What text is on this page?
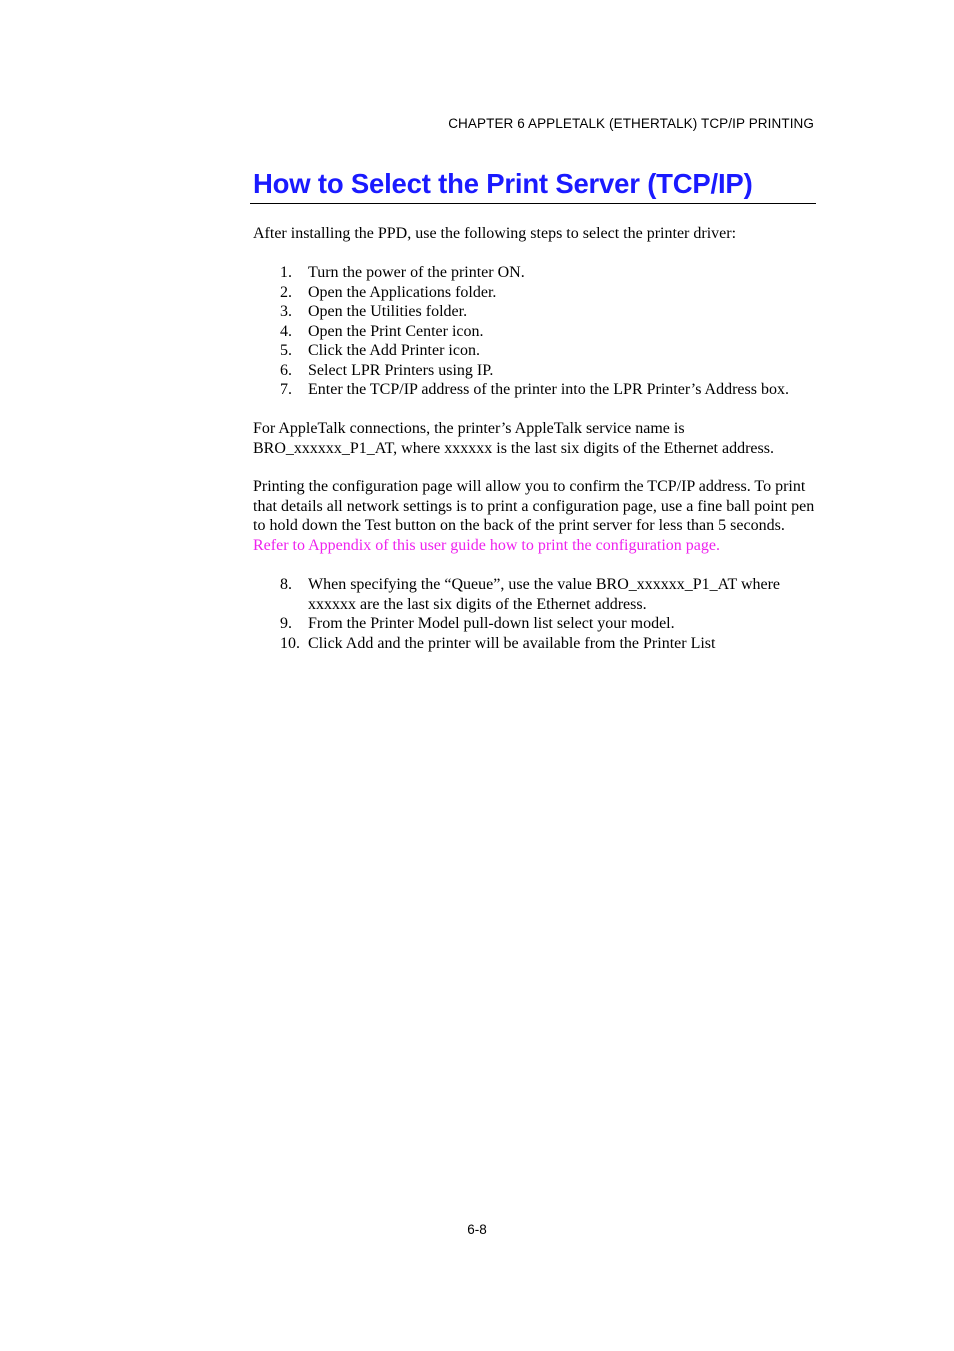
CHAPTER 6 APPLETALK (ETHERTALK) TCP/IP PRINTING
How to Select the Print Server (TCP/IP)

After installing the PPD, use the following steps to select the printer driver:

1. Turn the power of the printer ON.
2. Open the Applications folder.
3. Open the Utilities folder.
4. Open the Print Center icon.
5. Click the Add Printer icon.
6. Select LPR Printers using IP.
7. Enter the TCP/IP address of the printer into the LPR Printer’s Address box.

For AppleTalk connections, the printer’s AppleTalk service name is
BRO_xxxxxx_P1_AT, where xxxxxx is the last six digits of the Ethernet address.

Printing the configuration page will allow you to confirm the TCP/IP address. To print that details all network settings is to print a configuration page, use a fine ball point pen to hold down the Test button on the back of the print server for less than 5 seconds. Refer to Appendix of this user guide how to print the configuration page.

8. When specifying the “Queue”, use the value BRO_xxxxxx_P1_AT where xxxxxx are the last six digits of the Ethernet address.
9. From the Printer Model pull-down list select your model.
10. Click Add and the printer will be available from the Printer List
6-8
